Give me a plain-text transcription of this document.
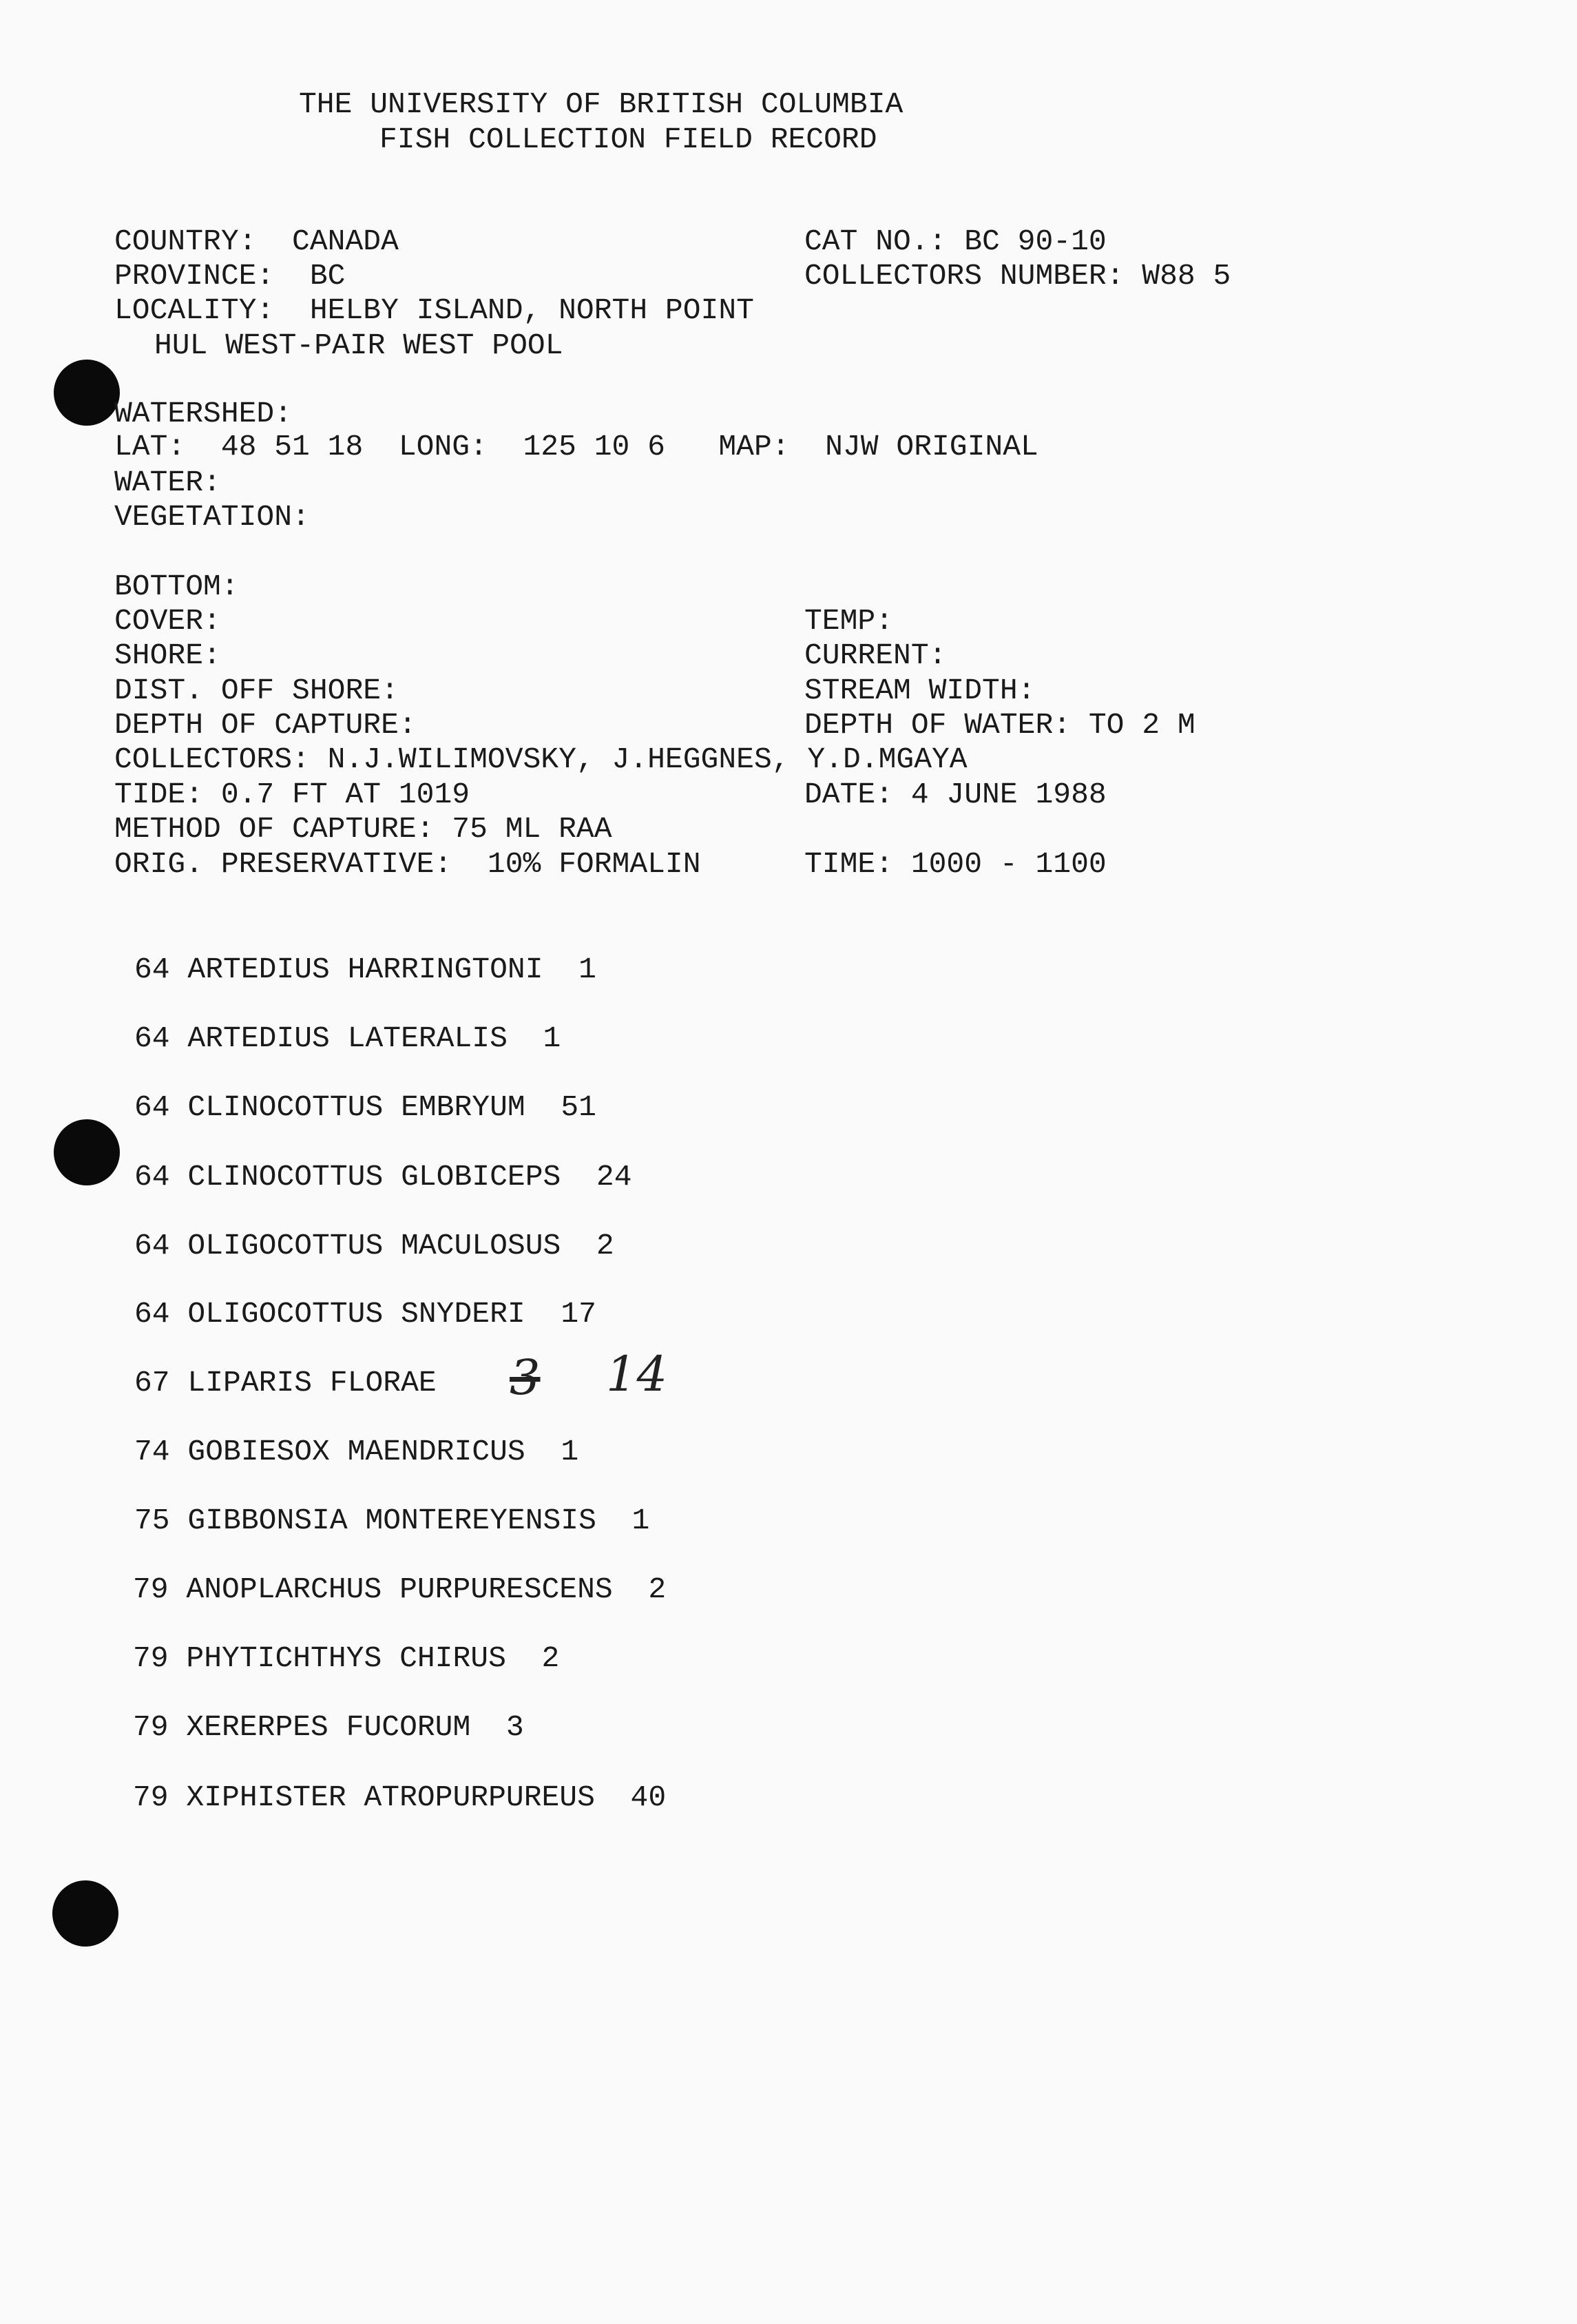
THE UNIVERSITY OF BRITISH COLUMBIA
FISH COLLECTION FIELD RECORD
COUNTRY:  CANADA	CAT NO.: BC 90-10
PROVINCE:  BC	COLLECTORS NUMBER: W88 5
LOCALITY:  HELBY ISLAND, NORTH POINT
HUL WEST-PAIR WEST POOL
WATERSHED:
LAT:  48 51 18  LONG:  125 10 6   MAP:  NJW ORIGINAL
WATER:
VEGETATION:
BOTTOM:
COVER:	TEMP:
SHORE:	CURRENT:
DIST. OFF SHORE:	STREAM WIDTH:
DEPTH OF CAPTURE:	DEPTH OF WATER: TO 2 M
COLLECTORS: N.J.WILIMOVSKY, J.HEGGNES, Y.D.MGAYA
TIDE: 0.7 FT AT 1019	DATE: 4 JUNE 1988
METHOD OF CAPTURE: 75 ML RAA
ORIG. PRESERVATIVE:  10% FORMALIN	TIME: 1000 - 1100
64 ARTEDIUS HARRINGTONI 1
64 ARTEDIUS LATERALIS 1
64 CLINOCOTTUS EMBRYUM 51
64 CLINOCOTTUS GLOBICEPS 24
64 OLIGOCOTTUS MACULOSUS 2
64 OLIGOCOTTUS SNYDERI 17
67 LIPARIS FLORAE 3 14
74 GOBIESOX MAENDRICUS 1
75 GIBBONSIA MONTEREYENSIS 1
79 ANOPLARCHUS PURPURESCENS 2
79 PHYTICHTHYS CHIRUS 2
79 XERERPES FUCORUM 3
79 XIPHISTER ATROPURPUREUS 40
